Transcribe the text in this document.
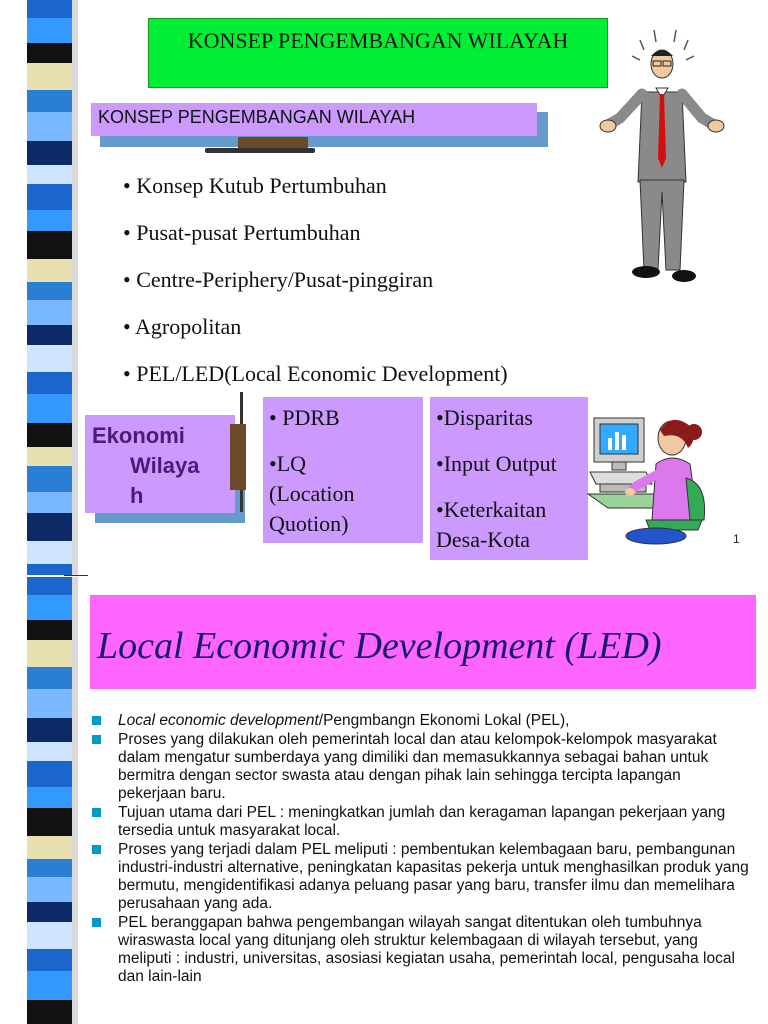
KONSEP PENGEMBANGAN WILAYAH
KONSEP PENGEMBANGAN WILAYAH
• Konsep Kutub Pertumbuhan
• Pusat-pusat Pertumbuhan
• Centre-Periphery/Pusat-pinggiran
• Agropolitan
• PEL/LED(Local Economic Development)
Ekonomi
Wilaya
h
• PDRB
•LQ
(Location
Quotion)
•Disparitas
•Input Output
•Keterkaitan
Desa-Kota	1
Local Economic Development (LED)
Local economic development/Pengmbangn Ekonomi Lokal (PEL),
Proses yang dilakukan oleh pemerintah local dan atau kelompok-kelompok masyarakat dalam mengatur sumberdaya yang dimiliki dan memasukkannya sebagai bahan untuk bermitra dengan sector swasta atau dengan pihak lain sehingga tercipta lapangan pekerjaan baru.
Tujuan utama dari PEL : meningkatkan jumlah dan keragaman lapangan pekerjaan yang tersedia untuk masyarakat local.
Proses yang terjadi dalam PEL meliputi : pembentukan kelembagaan baru, pembangunan industri-industri alternative, peningkatan kapasitas pekerja untuk menghasilkan produk yang bermutu, mengidentifikasi adanya peluang pasar yang baru, transfer ilmu dan memelihara perusahaan yang ada.
PEL beranggapan bahwa pengembangan wilayah sangat ditentukan oleh tumbuhnya wiraswasta local yang ditunjang oleh struktur kelembagaan di wilayah tersebut, yang meliputi : industri, universitas, asosiasi kegiatan usaha, pemerintah local, pengusaha local dan lain-lain
